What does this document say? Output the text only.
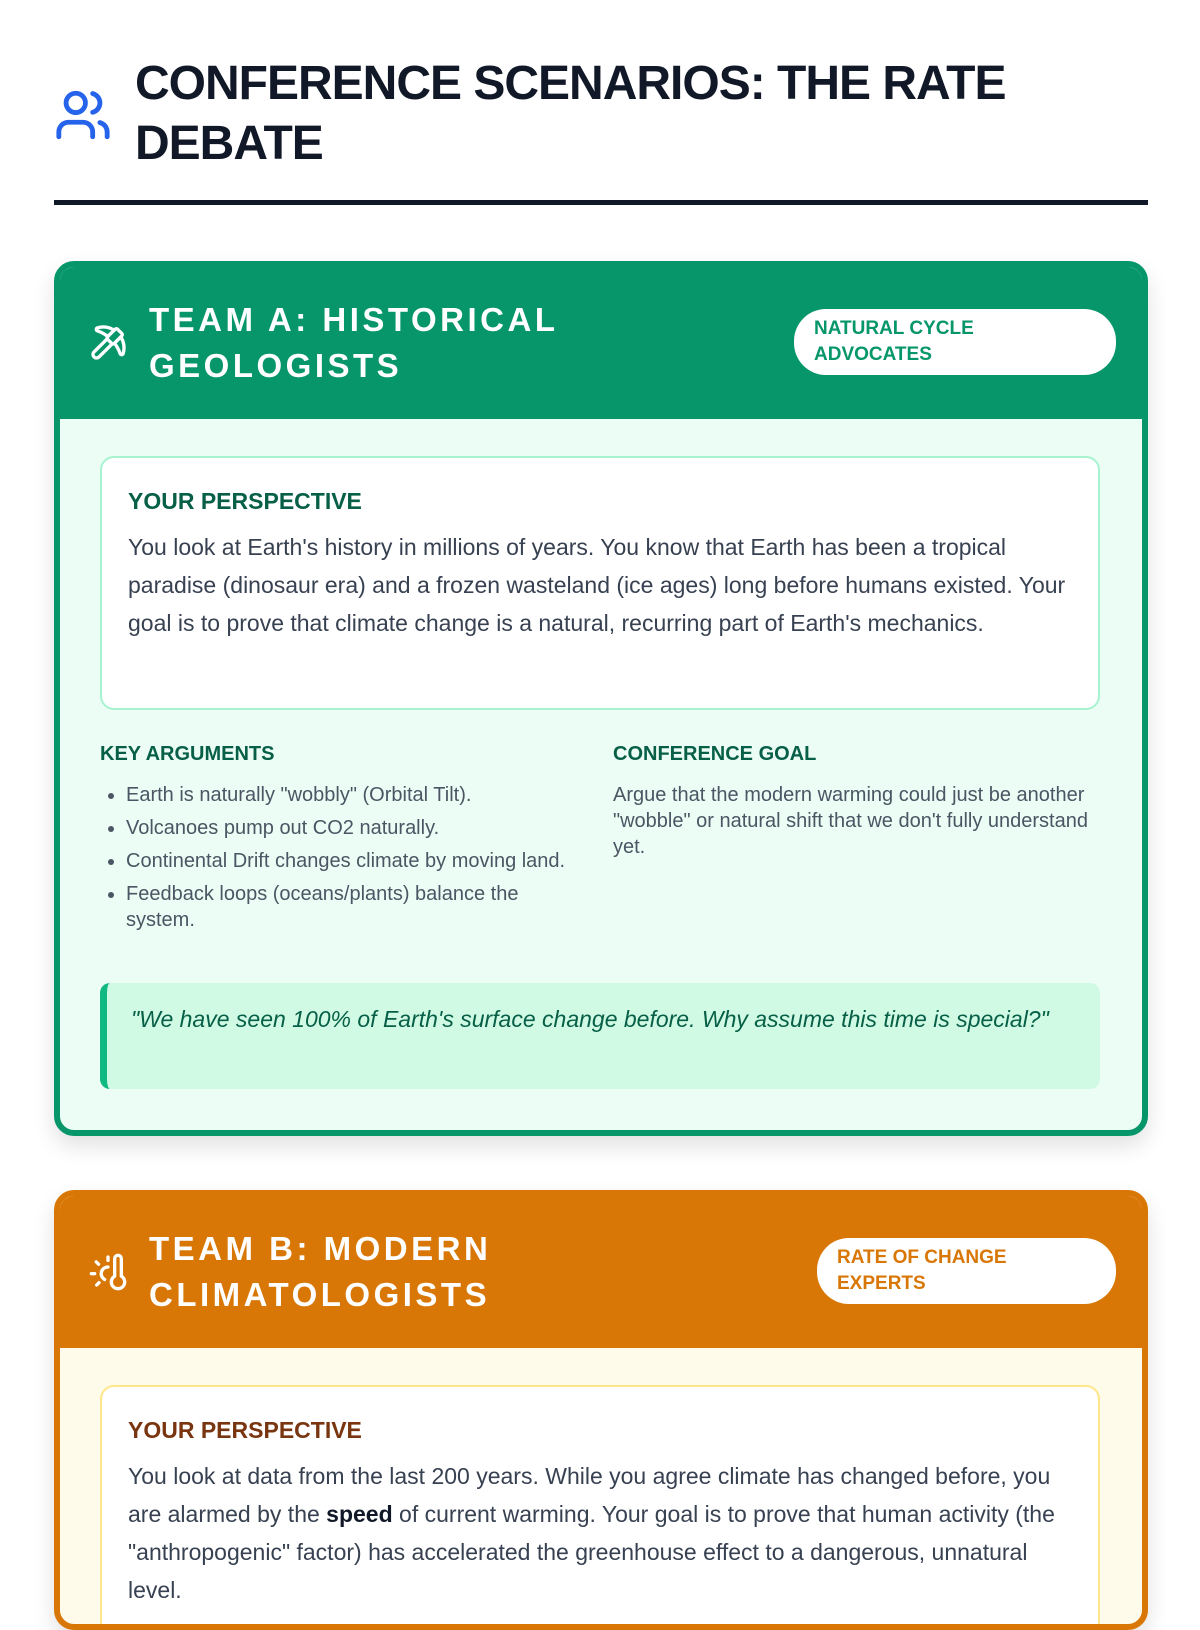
CONFERENCE SCENARIOS: THE RATE DEBATE
TEAM A: HISTORICAL GEOLOGISTS
NATURAL CYCLE ADVOCATES
YOUR PERSPECTIVE

You look at Earth's history in millions of years. You know that Earth has been a tropical paradise (dinosaur era) and a frozen wasteland (ice ages) long before humans existed. Your goal is to prove that climate change is a natural, recurring part of Earth's mechanics.

KEY ARGUMENTS
• Earth is naturally "wobbly" (Orbital Tilt).
• Volcanoes pump out CO2 naturally.
• Continental Drift changes climate by moving land.
• Feedback loops (oceans/plants) balance the system.
CONFERENCE GOAL

Argue that the modern warming could just be another "wobble" or natural shift that we don't fully understand yet.

"We have seen 100% of Earth's surface change before. Why assume this time is special?"
TEAM B: MODERN CLIMATOLOGISTS
RATE OF CHANGE EXPERTS
YOUR PERSPECTIVE

You look at data from the last 200 years. While you agree climate has changed before, you are alarmed by the speed of current warming. Your goal is to prove that human activity (the "anthropogenic" factor) has accelerated the greenhouse effect to a dangerous, unnatural level.
